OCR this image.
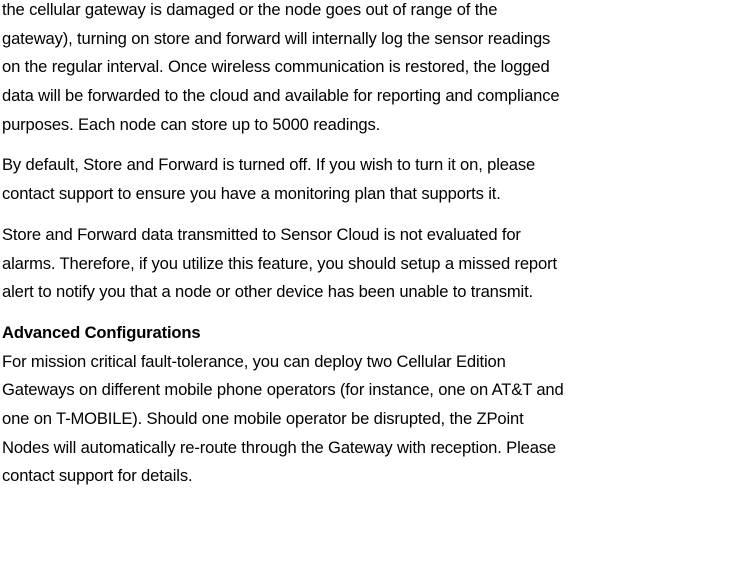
the cellular gateway is damaged or the node goes out of range of the
gateway), turning on store and forward will internally log the sensor readings
on the regular interval. Once wireless communication is restored, the logged
data will be forwarded to the cloud and available for reporting and compliance
purposes. Each node can store up to 5000 readings.
By default, Store and Forward is turned off. If you wish to turn it on, please
contact support to ensure you have a monitoring plan that supports it.
Store and Forward data transmitted to Sensor Cloud is not evaluated for
alarms. Therefore, if you utilize this feature, you should setup a missed report
alert to notify you that a node or other device has been unable to transmit.
Advanced Configurations
For mission critical fault-tolerance, you can deploy two Cellular Edition
Gateways on different mobile phone operators (for instance, one on AT&T and
one on T-MOBILE). Should one mobile operator be disrupted, the ZPoint
Nodes will automatically re-route through the Gateway with reception. Please
contact support for details.
